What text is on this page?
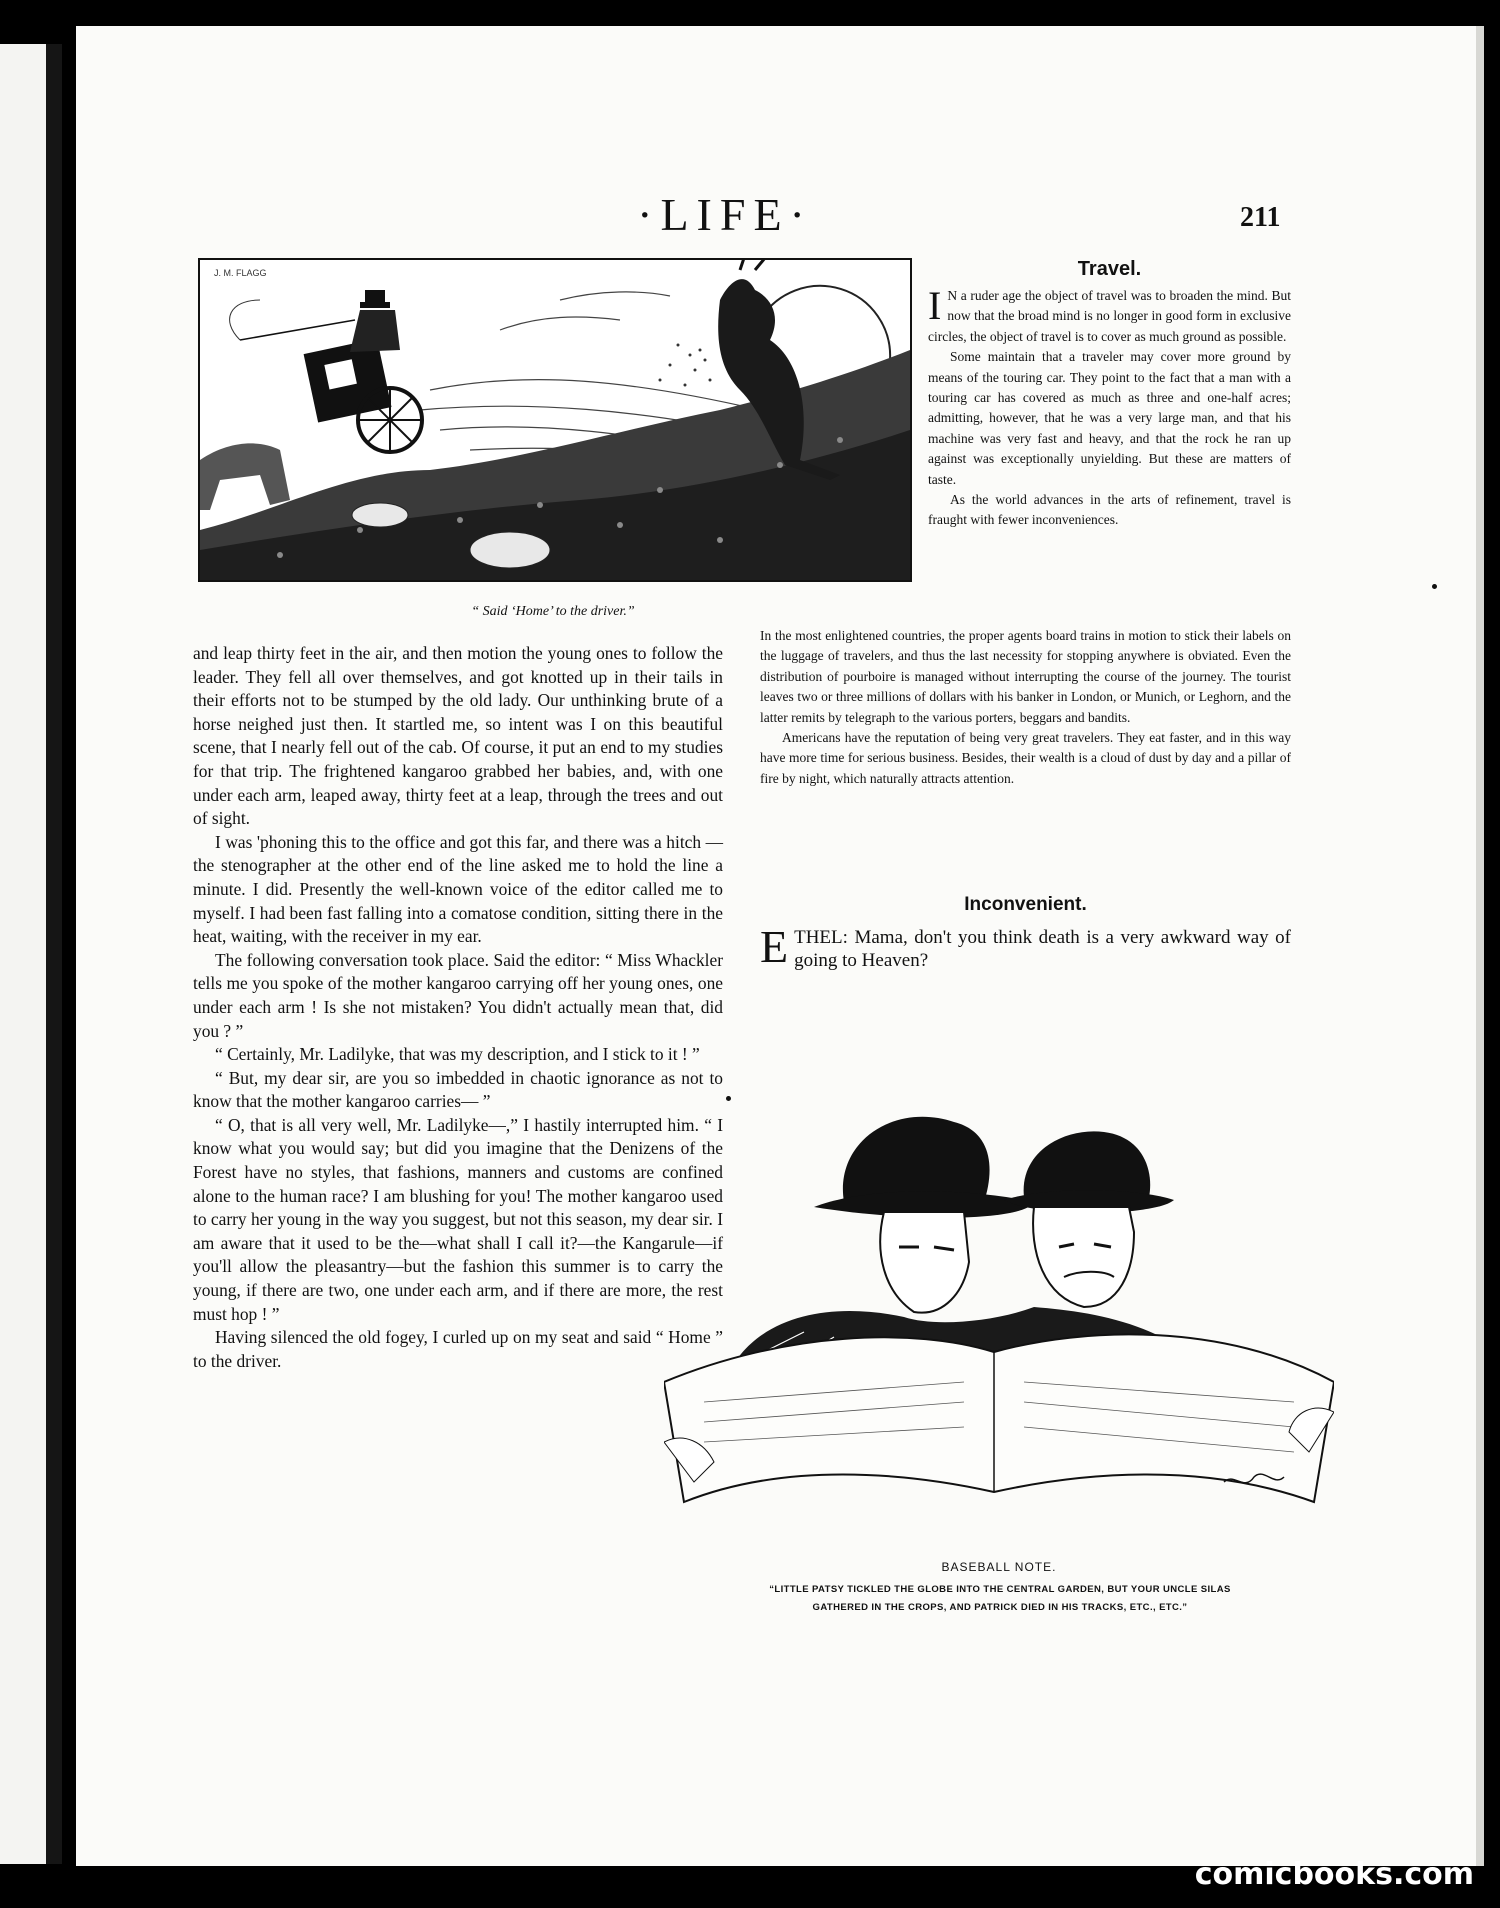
·LIFE·	211
J. M. FLAGG
“ Said ‘Home’ to the driver.”

and leap thirty feet in the air, and then motion the young ones to follow the leader. They fell all over themselves, and got knotted up in their tails in their efforts not to be stumped by the old lady. Our unthinking brute of a horse neighed just then. It startled me, so intent was I on this beautiful scene, that I nearly fell out of the cab. Of course, it put an end to my studies for that trip. The frightened kangaroo grabbed her babies, and, with one under each arm, leaped away, thirty feet at a leap, through the trees and out of sight.

I was 'phoning this to the office and got this far, and there was a hitch — the stenographer at the other end of the line asked me to hold the line a minute. I did. Presently the well-known voice of the editor called me to myself. I had been fast falling into a comatose condition, sitting there in the heat, waiting, with the receiver in my ear.

The following conversation took place. Said the editor: “ Miss Whackler tells me you spoke of the mother kangaroo carrying off her young ones, one under each arm ! Is she not mistaken? You didn't actually mean that, did you ? ”

“ Certainly, Mr. Ladilyke, that was my description, and I stick to it ! ”

“ But, my dear sir, are you so imbedded in chaotic ignorance as not to know that the mother kangaroo carries— ”

“ O, that is all very well, Mr. Ladilyke—,” I hastily interrupted him. “ I know what you would say; but did you imagine that the Denizens of the Forest have no styles, that fashions, manners and customs are confined alone to the human race? I am blushing for you! The mother kangaroo used to carry her young in the way you suggest, but not this season, my dear sir. I am aware that it used to be the—what shall I call it?—the Kangarule—if you'll allow the pleasantry—but the fashion this summer is to carry the young, if there are two, one under each arm, and if there are more, the rest must hop ! ”

Having silenced the old fogey, I curled up on my seat and said “ Home ” to the driver.

Travel.

I N a ruder age the object of travel was to broaden the mind. But now that the broad mind is no longer in good form in exclusive circles, the object of travel is to cover as much ground as possible.

Some maintain that a traveler may cover more ground by means of the touring car. They point to the fact that a man with a touring car has covered as much as three and one-half acres; admitting, however, that he was a very large man, and that his machine was very fast and heavy, and that the rock he ran up against was exceptionally unyielding. But these are matters of taste.

As the world advances in the arts of refinement, travel is fraught with fewer inconveniences.

In the most enlightened countries, the proper agents board trains in motion to stick their labels on the luggage of travelers, and thus the last necessity for stopping anywhere is obviated. Even the distribution of pourboire is managed without interrupting the course of the journey. The tourist leaves two or three millions of dollars with his banker in London, or Munich, or Leghorn, and the latter remits by telegraph to the various porters, beggars and bandits.

Americans have the reputation of being very great travelers. They eat faster, and in this way have more time for serious business. Besides, their wealth is a cloud of dust by day and a pillar of fire by night, which naturally attracts attention.

Inconvenient.

ETHEL: Mama, don't you think death is a very awkward way of going to Heaven?

BASEBALL NOTE.
“LITTLE PATSY TICKLED THE GLOBE INTO THE CENTRAL GARDEN, BUT YOUR UNCLE SILAS
GATHERED IN THE CROPS, AND PATRICK DIED IN HIS TRACKS, ETC., ETC.”
comicbooks.com
